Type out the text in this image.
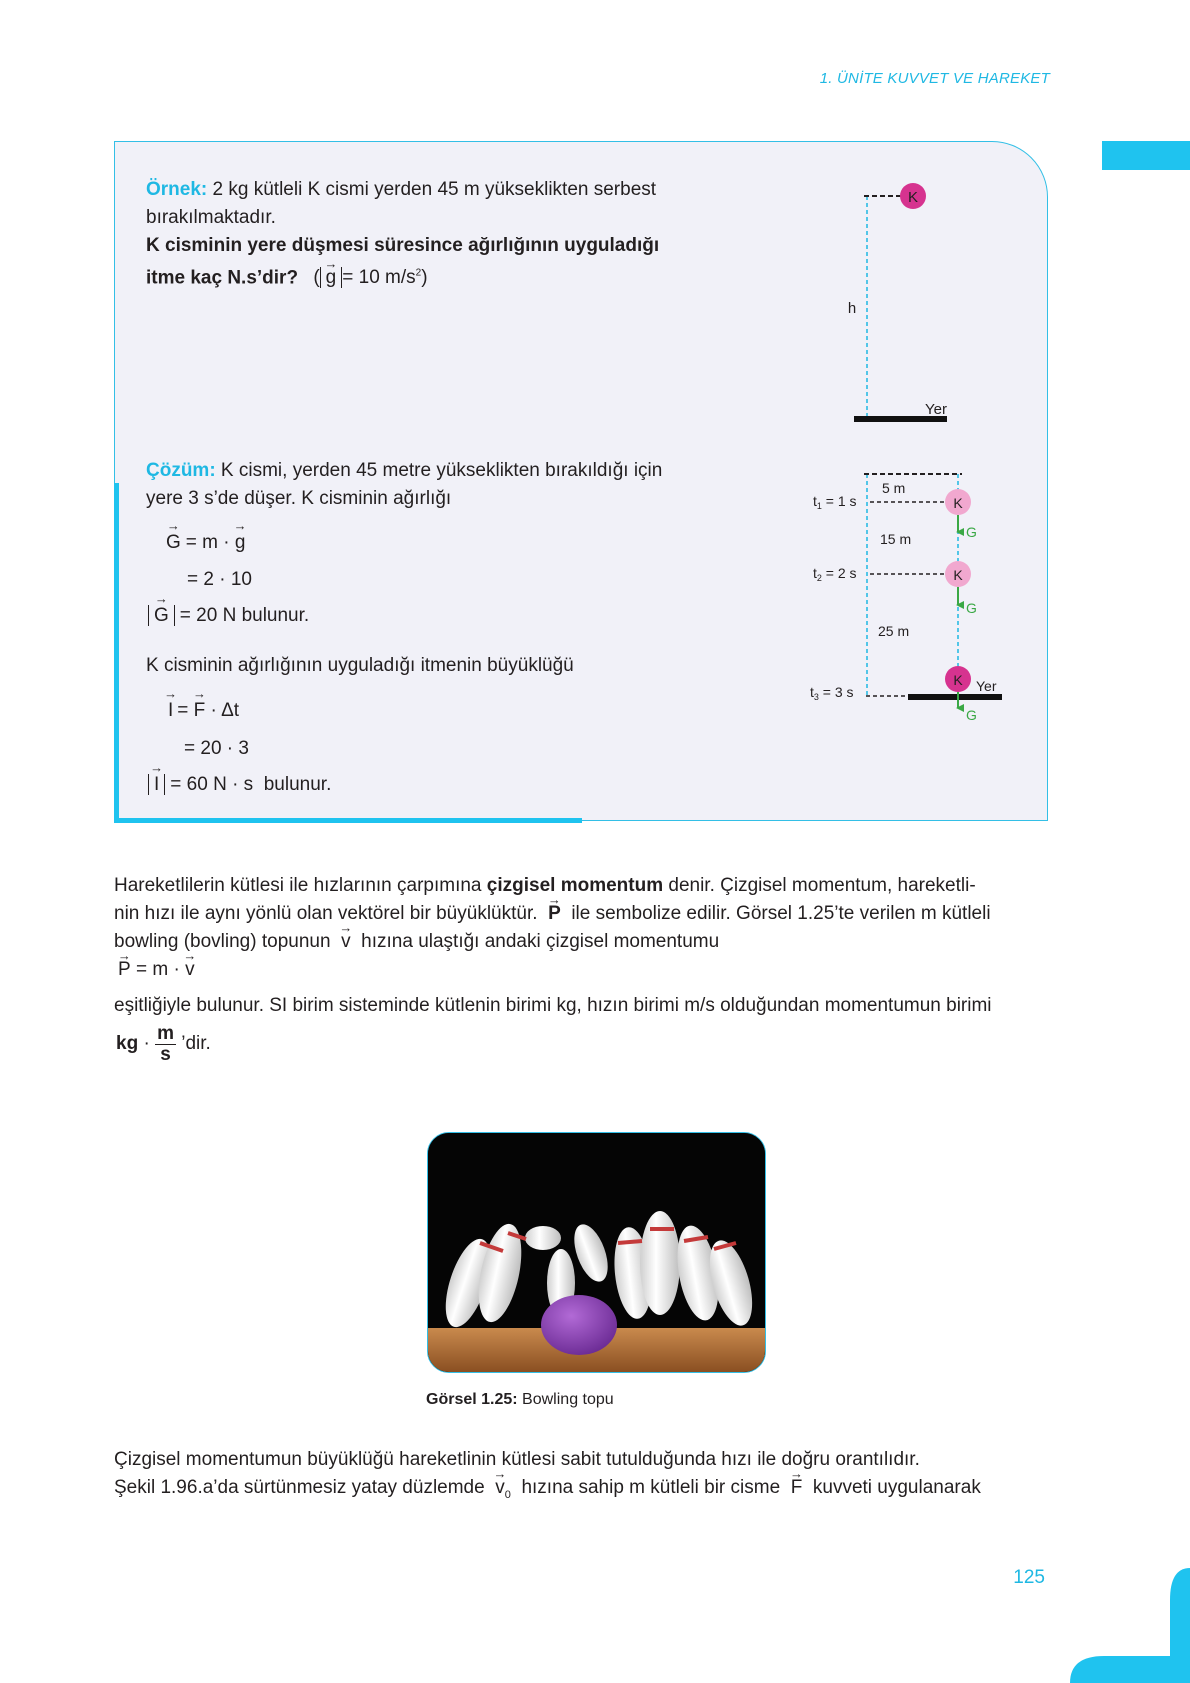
1. ÜNİTE KUVVET VE HAREKET
Örnek: 2 kg kütleli K cismi yerden 45 m yükseklikten serbest
bırakılmaktadır.
K cisminin yere düşmesi süresince ağırlığının uyguladığı
itme kaç N.s’dir? (→ g = 10 $m/s^2$)
K
h
Yer
Çözüm: K cismi, yerden 45 metre yükseklikten bırakıldığı için
yere 3 s’de düşer. K cisminin ağırlığı
→ G = m · → g
= 2 · 10
→ G = 20 N bulunur.
K cisminin ağırlığının uyguladığı itmenin büyüklüğü
→ I = → F · Δt
= 20 · 3
→ I = 60 N · s  bulunur.
$t_1 = 1$ s
$t_2 = 2$ s
$t_3 = 3$ s
5 m
15 m
25 m
K
G
K
G
K
G
Yer
Hareketlilerin kütlesi ile hızlarının çarpımına çizgisel momentum denir. Çizgisel momentum, hareketli-
nin hızı ile aynı yönlü olan vektörel bir büyüklüktür.  → P  ile sembolize edilir. Görsel 1.25’te verilen m kütleli
bowling (bovling) topunun  → v  hızına ulaştığı andaki çizgisel momentumu
→ P = m · → v
eşitliğiyle bulunur. SI birim sisteminde kütlenin birimi kg, hızın birimi m/s olduğundan momentumun birimi
kg · $\frac{m}{s}$ ’dir.
Görsel 1.25: Bowling topu
Çizgisel momentumun büyüklüğü hareketlinin kütlesi sabit tutulduğunda hızı ile doğru orantılıdır.
Şekil 1.96.a’da sürtünmesiz yatay düzlemde  → $v_0$  hızına sahip m kütleli bir cisme  → F  kuvveti uygulanarak
125
